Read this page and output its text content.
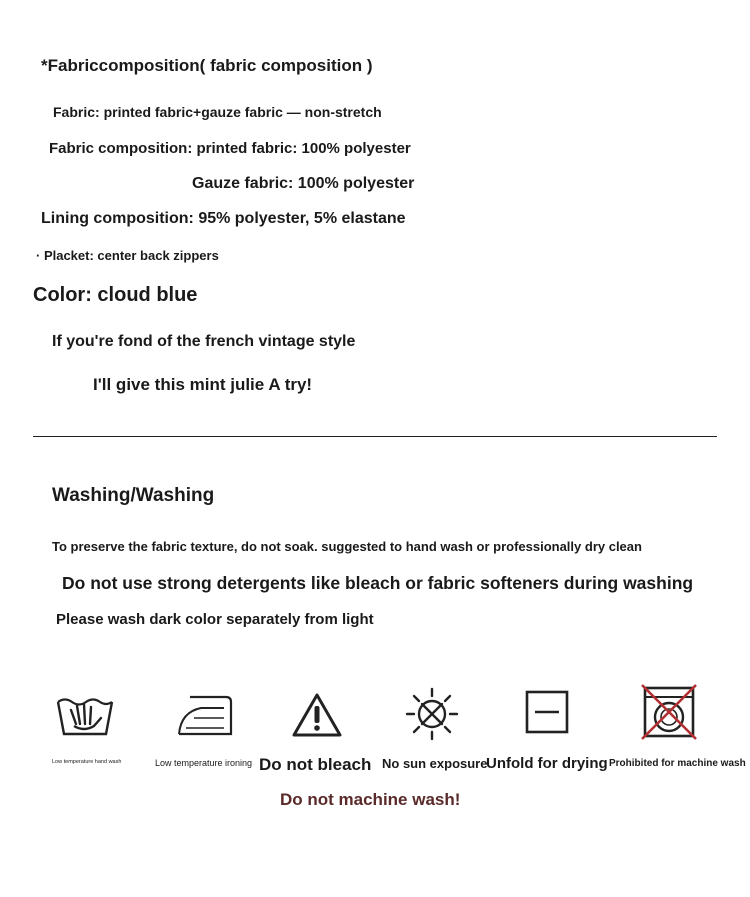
*Fabriccomposition( fabric composition )
Fabric: printed fabric+gauze fabric — non-stretch
Fabric composition: printed fabric: 100% polyester
Gauze fabric: 100% polyester
Lining composition: 95% polyester, 5% elastane
· Placket: center back zippers
Color: cloud blue
If you're fond of the french vintage style
I'll give this mint julie A try!
Washing/Washing
To preserve the fabric texture, do not soak. suggested to hand wash or professionally dry clean
Do not use strong detergents like bleach or fabric softeners during washing
Please wash dark color separately from light
Low temperature hand wash	Low temperature ironing Do not bleach No sun exposure
Unfold for drying Prohibited for machine wash
Do not machine wash!
